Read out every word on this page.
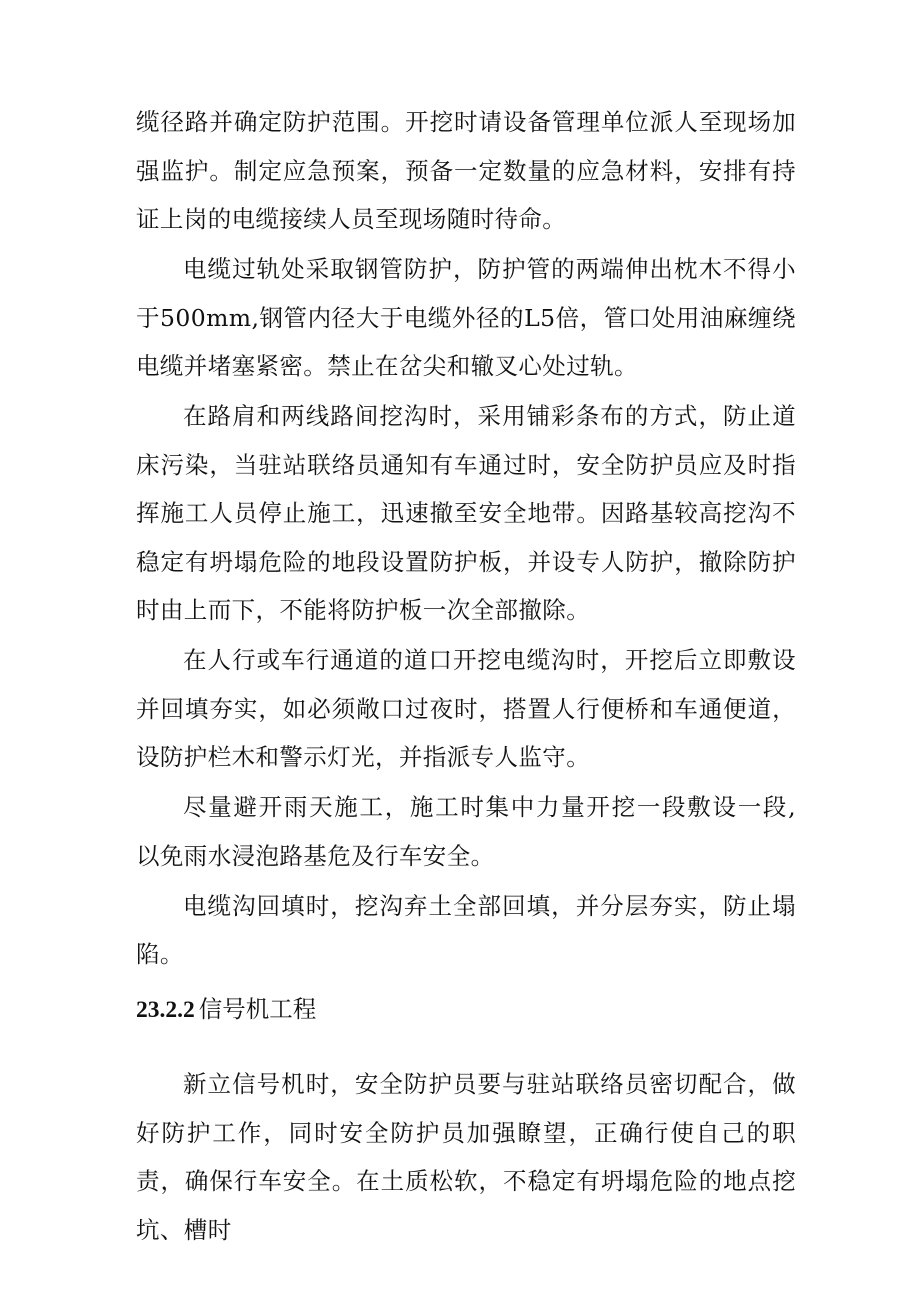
缆径路并确定防护范围。开挖时请设备管理单位派人至现场加强监护。制定应急预案，预备一定数量的应急材料，安排有持证上岗的电缆接续人员至现场随时待命。

电缆过轨处采取钢管防护，防护管的两端伸出枕木不得小于500mm,钢管内径大于电缆外径的L5倍，管口处用油麻缠绕电缆并堵塞紧密。禁止在岔尖和辙叉心处过轨。

在路肩和两线路间挖沟时，采用铺彩条布的方式，防止道床污染，当驻站联络员通知有车通过时，安全防护员应及时指挥施工人员停止施工，迅速撤至安全地带。因路基较高挖沟不稳定有坍塌危险的地段设置防护板，并设专人防护，撤除防护时由上而下，不能将防护板一次全部撤除。

在人行或车行通道的道口开挖电缆沟时，开挖后立即敷设并回填夯实，如必须敞口过夜时，搭置人行便桥和车通便道，设防护栏木和警示灯光，并指派专人监守。

尽量避开雨天施工，施工时集中力量开挖一段敷设一段, 以免雨水浸泡路基危及行车安全。

电缆沟回填时，挖沟弃土全部回填，并分层夯实，防止塌陷。

23.2.2 信号机工程

新立信号机时，安全防护员要与驻站联络员密切配合，做好防护工作，同时安全防护员加强瞭望，正确行使自己的职责，确保行车安全。在土质松软，不稳定有坍塌危险的地点挖坑、槽时
